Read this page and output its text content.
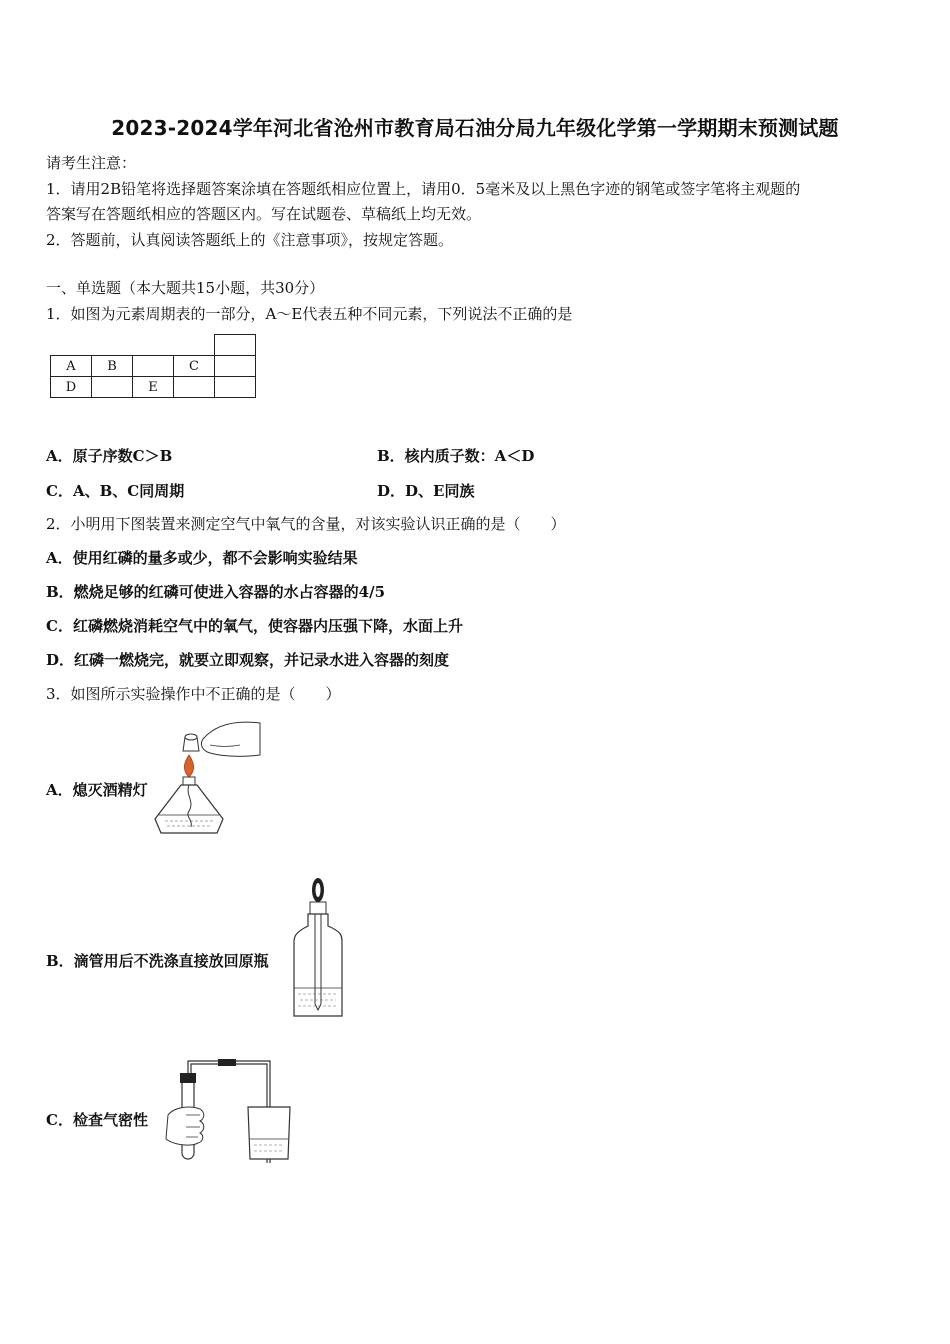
2023-2024学年河北省沧州市教育局石油分局九年级化学第一学期期末预测试题
请考生注意：
1．请用2B铅笔将选择题答案涂填在答题纸相应位置上，请用0．5毫米及以上黑色字迹的钢笔或签字笔将主观题的
答案写在答题纸相应的答题区内。写在试题卷、草稿纸上均无效。
2．答题前，认真阅读答题纸上的《注意事项》，按规定答题。
一、单选题（本大题共15小题，共30分）
1．如图为元素周期表的一部分，A～E代表五种不同元素，下列说法不正确的是

A	B		C	
D		E		
A．原子序数C＞B	B．核内质子数：A＜D
C．A、B、C同周期	D．D、E同族
2．小明用下图装置来测定空气中氧气的含量，对该实验认识正确的是（　　）
A．使用红磷的量多或少，都不会影响实验结果
B．燃烧足够的红磷可使进入容器的水占容器的4/5
C．红磷燃烧消耗空气中的氧气，使容器内压强下降，水面上升
D．红磷一燃烧完，就要立即观察，并记录水进入容器的刻度
3．如图所示实验操作中不正确的是（　　）
A．熄灭酒精灯
B．滴管用后不洗涤直接放回原瓶
C．检查气密性
